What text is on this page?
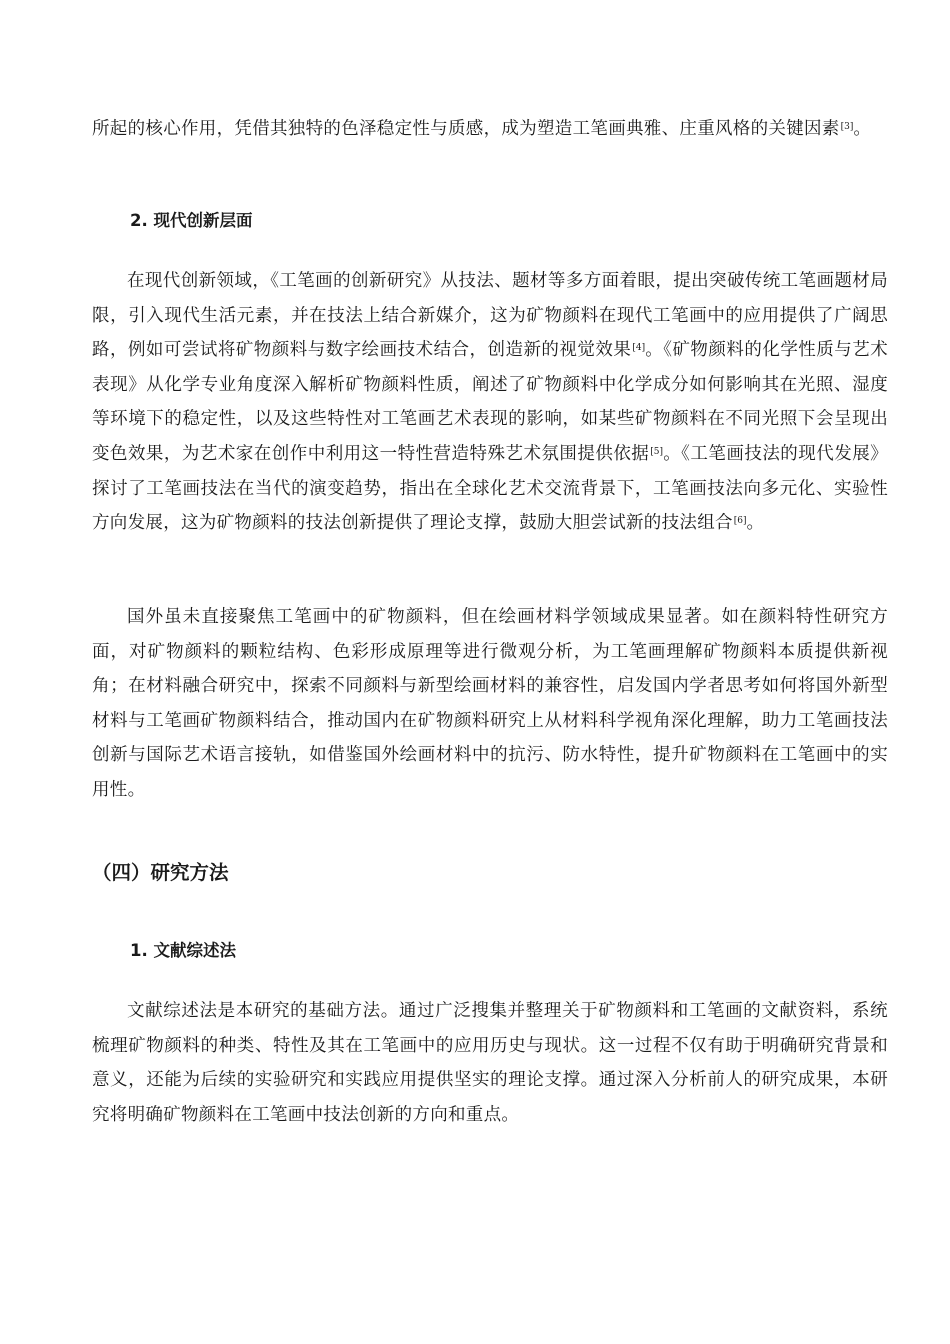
所起的核心作用，凭借其独特的色泽稳定性与质感，成为塑造工笔画典雅、庄重风格的关键因素[3]。

2. 现代创新层面

在现代创新领域，《工笔画的创新研究》从技法、题材等多方面着眼，提出突破传统工笔画题材局限，引入现代生活元素，并在技法上结合新媒介，这为矿物颜料在现代工笔画中的应用提供了广阔思路，例如可尝试将矿物颜料与数字绘画技术结合，创造新的视觉效果[4]。《矿物颜料的化学性质与艺术表现》从化学专业角度深入解析矿物颜料性质，阐述了矿物颜料中化学成分如何影响其在光照、湿度等环境下的稳定性，以及这些特性对工笔画艺术表现的影响，如某些矿物颜料在不同光照下会呈现出变色效果，为艺术家在创作中利用这一特性营造特殊艺术氛围提供依据[5]。《工笔画技法的现代发展》探讨了工笔画技法在当代的演变趋势，指出在全球化艺术交流背景下，工笔画技法向多元化、实验性方向发展，这为矿物颜料的技法创新提供了理论支撑，鼓励大胆尝试新的技法组合[6]。

国外虽未直接聚焦工笔画中的矿物颜料，但在绘画材料学领域成果显著。如在颜料特性研究方面，对矿物颜料的颗粒结构、色彩形成原理等进行微观分析，为工笔画理解矿物颜料本质提供新视角；在材料融合研究中，探索不同颜料与新型绘画材料的兼容性，启发国内学者思考如何将国外新型材料与工笔画矿物颜料结合，推动国内在矿物颜料研究上从材料科学视角深化理解，助力工笔画技法创新与国际艺术语言接轨，如借鉴国外绘画材料中的抗污、防水特性，提升矿物颜料在工笔画中的实用性。

（四）研究方法
1. 文献综述法

文献综述法是本研究的基础方法。通过广泛搜集并整理关于矿物颜料和工笔画的文献资料，系统梳理矿物颜料的种类、特性及其在工笔画中的应用历史与现状。这一过程不仅有助于明确研究背景和意义，还能为后续的实验研究和实践应用提供坚实的理论支撑。通过深入分析前人的研究成果，本研究将明确矿物颜料在工笔画中技法创新的方向和重点。
